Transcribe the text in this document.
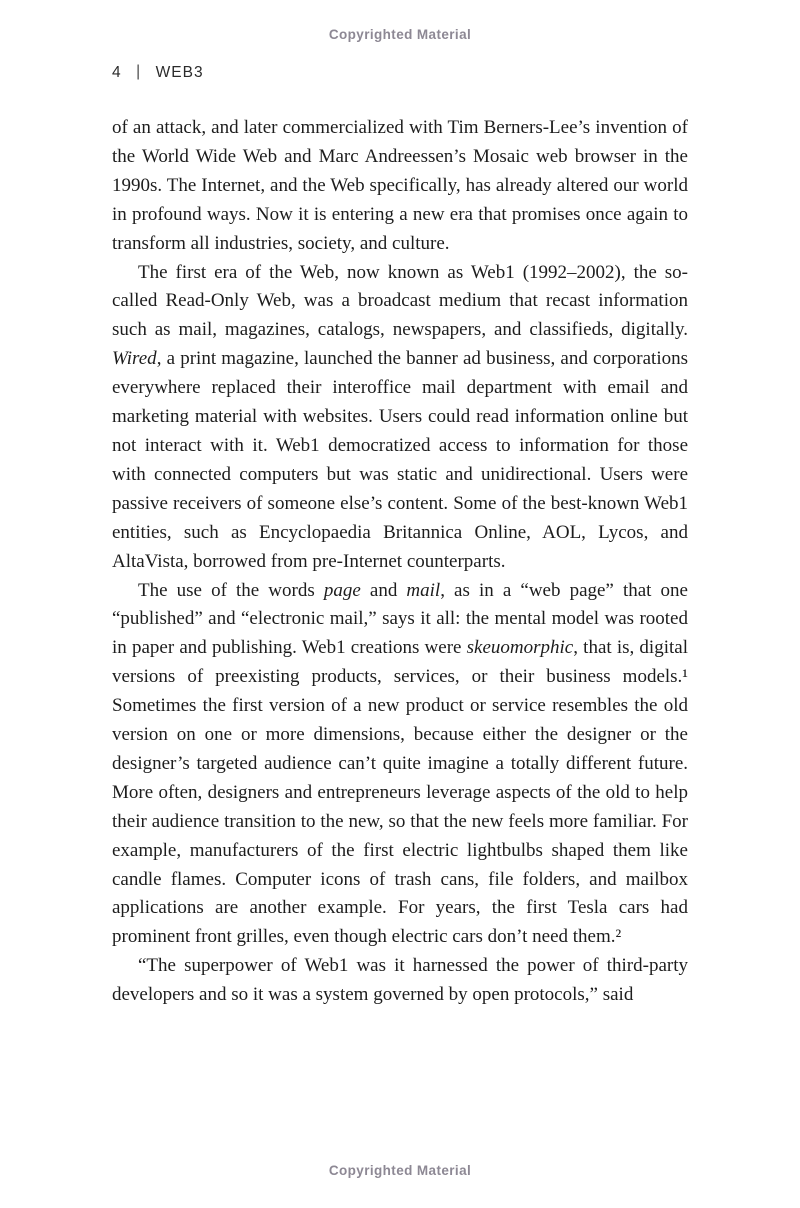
Copyrighted Material
4 | WEB3

of an attack, and later commercialized with Tim Berners-Lee’s invention of the World Wide Web and Marc Andreessen’s Mosaic web browser in the 1990s. The Internet, and the Web specifically, has already altered our world in profound ways. Now it is entering a new era that promises once again to transform all industries, society, and culture.

The first era of the Web, now known as Web1 (1992–2002), the so-called Read-Only Web, was a broadcast medium that recast information such as mail, magazines, catalogs, newspapers, and classifieds, digitally. Wired, a print magazine, launched the banner ad business, and corporations everywhere replaced their interoffice mail department with email and marketing material with websites. Users could read information online but not interact with it. Web1 democratized access to information for those with connected computers but was static and unidirectional. Users were passive receivers of someone else’s content. Some of the best-known Web1 entities, such as Encyclopaedia Britannica Online, AOL, Lycos, and AltaVista, borrowed from pre-Internet counterparts.

The use of the words page and mail, as in a “web page” that one “published” and “electronic mail,” says it all: the mental model was rooted in paper and publishing. Web1 creations were skeuomorphic, that is, digital versions of preexisting products, services, or their business models.¹ Sometimes the first version of a new product or service resembles the old version on one or more dimensions, because either the designer or the designer’s targeted audience can’t quite imagine a totally different future. More often, designers and entrepreneurs leverage aspects of the old to help their audience transition to the new, so that the new feels more familiar. For example, manufacturers of the first electric lightbulbs shaped them like candle flames. Computer icons of trash cans, file folders, and mailbox applications are another example. For years, the first Tesla cars had prominent front grilles, even though electric cars don’t need them.²

“The superpower of Web1 was it harnessed the power of third-party developers and so it was a system governed by open protocols,” said

Copyrighted Material
